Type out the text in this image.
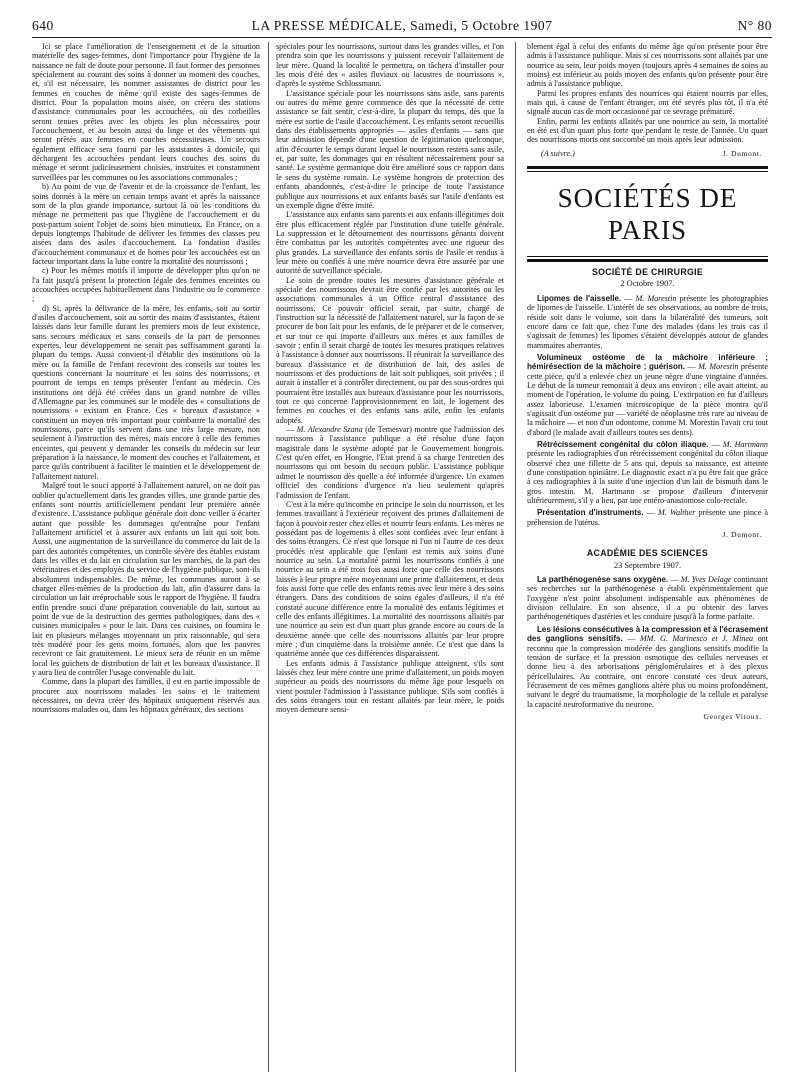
640	LA PRESSE MÉDICALE, Samedi, 5 Octobre 1907	N° 80

Ici se place l'amélioration de l'enseignement et de la situation matérielle des sages-femmes, dont l'importance pour l'hygiène de la naissance ne fait de doute pour personne. Il faut former des personnes spécialement au courant des soins à donner au moment des couches, et, s'il est nécessaire, les nommer assistantes de district pour les femmes en couches de même qu'il existe des sages-femmes de district. Pour la population moins aisée, on créera des stations d'assistance communales pour les accouchées, où des corbeilles seront tenues prêtes avec les objets les plus nécessaires pour l'accouchement, et au besoin aussi du linge et des vêtements qui seront prêtés aux femmes en couches nécessiteuses. Un secours également efficace sera fourni par les assistantes à domicile, qui déchargent les accouchées pendant leurs couches des soins du ménage et seront judicieusement choisies, instruites et constamment surveillées par les communes ou les associations communales ;

b) Au point de vue de l'avenir et de la croissance de l'enfant, les soins donnés à la mère un certain temps avant et après la naissance sont de la plus grande importance, surtout là où les conditions du ménage ne permettent pas que l'hygiène de l'accouchement et du post-partum soient l'objet de soins bien minutieux. En France, on a depuis longtemps l'habitude de délivrer les femmes des classes peu aisées dans des asiles d'accouchement. La fondation d'asiles d'accouchement communaux et de homes pour les accouchées est un facteur important dans la lutte contre la mortalité des nourrissons ;

c) Pour les mêmes motifs il importe de développer plus qu'on ne l'a fait jusqu'à présent la protection légale des femmes enceintes ou accouchées occupées habituellement dans l'industrie ou le commerce ;

d) Si, après la délivrance de la mère, les enfants, soit au sortir d'asiles d'accouchement, soit au sortir des mains d'assistantes, étaient laissés dans leur famille durant les premiers mois de leur existence, sans secours médicaux et sans conseils de la part de personnes expertes, leur développement ne serait pas suffisamment garanti la plupart du temps. Aussi convient-il d'établir des institutions où la mère ou la famille de l'enfant recevront des conseils sur toutes les questions concernant la nourriture et les soins des nourrissons, et pourront de temps en temps présenter l'enfant au médecin. Ces institutions ont déjà été créées dans un grand nombre de villes d'Allemagne par les communes sur le modèle des « consultations de nourrissons » existant en France. Ces « bureaux d'assistance » constituent un moyen très important pour combattre la mortalité des nourrissons, parce qu'ils servent dans une très large mesure, non seulement à l'instruction des mères, mais encore à celle des femmes enceintes, qui peuvent y demander les conseils du médecin sur leur préparation à la naissance, le moment des couches et l'allaitement, et parce qu'ils contribuent à faciliter le maintien et le développement de l'allaitement naturel.

Malgré tout le souci apporté à l'allaitement naturel, on ne doit pas oublier qu'actuellement dans les grandes villes, une grande partie des enfants sont nourris artificiellement pendant leur première année d'existence. L'assistance publique générale doit donc veiller à écarter autant que possible les dommages qu'entraîne pour l'enfant l'allaitement artificiel et à assurer aux enfants un lait qui soit bon. Aussi, une augmentation de la surveillance du commerce du lait de la part des autorités compétentes, un contrôle sévère des étables existant dans les villes et du lait en circulation sur les marchés, de la part des vétérinaires et des employés du service de l'hygiène publique, sont-ils absolument indispensables. De même, les communes auront à se charger elles-mêmes de la production du lait, afin d'assurer dans la circulation un lait irréprochable sous le rapport de l'hygiène. Il faudra enfin prendre souci d'une préparation convenable du lait, surtout au point de vue de la destruction des germes pathologiques, dans des « cuisines municipales » pour le lait. Dans ces cuisines, on fournira le lait en plusieurs mélanges moyennant un prix raisonnable, qui sera très modéré pour les gens moins fortunés, alors que les pauvres recevront ce lait gratuitement. Le mieux sera de réunir en un même local les guichets de distribution de lait et les bureaux d'assistance. Il y aura lieu de contrôler l'usage convenable du lait.

Comme, dans la plupart des familles, il est en partie impossible de procurer aux nourrissons malades les soins et le traitement nécessaires, on devra créer des hôpitaux uniquement réservés aux nourrissons malades ou, dans les hôpitaux généraux, des sections

spéciales pour les nourrissons, surtout dans les grandes villes, et l'on prendra soin que les nourrissons y puissent recevoir l'allaitement de leur mère. Quand la localité le permettra, on tâchera d'installer pour les mois d'été des « asiles fluviaux ou lacustres de nourrissons », d'après le système Schlossmann.

L'assistance spéciale pour les nourrissons sans asile, sans parents ou autres du même genre commence dès que la nécessité de cette assistance se fait sentir, c'est-à-dire, la plupart du temps, dès que la mère est sortie de l'asile d'accouchement. Les enfants seront recueillis dans des établissements appropriés — asiles d'enfants — sans que leur admission dépende d'une question de légitimation quelconque, afin d'écourter le temps durant lequel le nourrisson restera sans asile, et, par suite, les dommages qui en résultent nécessairement pour sa santé. Le système germanique doit être amélioré sous ce rapport dans le sens du système romain. Le système hongrois de protection des enfants abandonnés, c'est-à-dire le principe de toute l'assistance publique aux nourrissons et aux enfants basés sur l'asile d'enfants est un exemple digne d'être imité.

L'assistance aux enfants sans parents et aux enfants illégitimes doit être plus efficacement réglée par l'institution d'une tutelle générale. La suppression et le détournement des nourrissons gênants doivent être combattus par les autorités compétentes avec une rigueur des plus grandes. La surveillance des enfants sortis de l'asile et rendus à leur mère ou confiés à une mère nourrice devra être assurée par une autorité de surveillance spéciale.

Le soin de prendre toutes les mesures d'assistance générale et spéciale des nourrissons devrait être confié par les autorités ou les associations communales à un Office central d'assistance des nourrissons. Ce pouvoir officiel serait, par suite, chargé de l'instruction sur la nécessité de l'allaitement naturel, sur la façon de se procurer de bon lait pour les enfants, de le préparer et de le conserver, et sur tout ce qui importe d'ailleurs aux mères et aux familles de savoir ; enfin il serait chargé de toutes les mesures pratiques relatives à l'assistance à donner aux nourrissons. Il réunirait la surveillance des bureaux d'assistance et de distribution de lait, des asiles de nourrissons et des productions de lait soit publiques, soit privées ; il aurait à installer et à contrôler directement, ou par des sous-ordres qui pourraient être installés aux bureaux d'assistance pour les nourrissons, tout ce qui concerne l'approvisionnement en lait, le logement des femmes en couches et des enfants sans asile, enfin les enfants adoptés.

— M. Alexandre Szana (de Temesvar) montre que l'admission des nourrissons à l'assistance publique a été résolue d'une façon magistrale dans le système adopté par le Gouvernement hongrois. C'est qu'en effet, en Hongrie, l'Etat prend à sa charge l'entretien des nourrissons qui ont besoin du secours public. L'assistance publique admet le nourrisson dès quelle a été informée d'urgence. Un examen officiel des conditions d'urgence n'a lieu seulement qu'après l'admission de l'enfant.

C'est à la mère qu'incombe en principe le soin du nourrisson, et les femmes travaillant à l'extérieur reçoivent des primes d'allaitement de façon à pouvoir rester chez elles et nourrir leurs enfants. Les mères ne possédant pas de logements à elles sont confiées avec leur enfant à des soins étrangers. Ce n'est que lorsque ni l'un ni l'autre de ces deux procédés n'est applicable que l'enfant est remis aux soins d'une nourrice au sein. La mortalité parmi les nourrissons confiés à une nourrice au sein a été trois fois aussi forte que celle des nourrissons laissés à leur propre mère moyennant une prime d'allaitement, et deux fois aussi forte que celle des enfants remis avec leur mère à des soins étrangers. Dans des conditions de soins égales d'ailleurs, il n'a été constaté aucune différence entre la mortalité des enfants légitimes et celle des enfants illégitimes. La mortalité des nourrissons allaités par une nourrice au sein est d'un quart plus grande encore au cours de la deuxième année que celle des nourrissons allaités par leur propre mère ; d'un cinquième dans la troisième année. Ce n'est que dans la quatrième année que ces différences disparaissent.

Les enfants admis à l'assistance publique atteignent, s'ils sont laissés chez leur mère contre une prime d'allaitement, un poids moyen supérieur au poids des nourrissons du même âge pour lesquels on vient postuler l'admission à l'assistance publique. S'ils sont confiés à des soins étrangers tout en restant allaités par leur mère, le poids moyen demeure sensi-

blement égal à celui des enfants du même âge qu'on présente pour être admis à l'assistance publique. Mais si ces nourrissons sont allaités par une nourrice au sein, leur poids moyen (toujours après 4 semaines de soins au moins) est inférieur au poids moyen des enfants qu'on présente pour être admis à l'assistance publique.

Parmi les propres enfants des nourrices qui étaient nourris par elles, mais qui, à cause de l'enfant étranger, ont été sevrés plus tôt, il n'a été signalé aucun cas de mort occasionné par ce sevrage prématuré.

Enfin, parmi les enfants allaités par une nourrice au sein, la mortalité en été est d'un quart plus forte que pendant le reste de l'année. Un quart des nourrissons morts ont succombé un mois après leur admission.

(A suivre.)	J. Dumont.
SOCIÉTÉS DE PARIS
SOCIÉTÉ DE CHIRURGIE
2 Octobre 1907.

Lipomes de l'aisselle. — M. Morestin présente les photographies de lipomes de l'aisselle. L'intérêt de ses observations, au nombre de trois, réside soit dans le volume, soit dans la bilatéralité des tumeurs, soit encore dans ce fait que, chez l'une des malades (dans les trois cas il s'agissait de femmes) les lipomes s'étaient développés autour de glandes mammaires aberrantes.

Volumineux ostéome de la mâchoire inférieure ; hémirésection de la mâchoire ; guérison. — M. Morestin présente cette pièce, qu'il a enlevée chez un jeune nègre d'une vingtaine d'années. Le début de la tumeur remontait à deux ans environ ; elle avait atteint, au moment de l'opération, le volume du poing. L'extirpation en fut d'ailleurs assez laborieuse. L'examen microscopique de la pièce montra qu'il s'agissait d'un ostéome pur — variété de néoplasme très rare au niveau de la mâchoire — et non d'un odontome, comme M. Morestin l'avait cru tout d'abord (le malade avait d'ailleurs toutes ses dents).

Rétrécissement congénital du côlon iliaque. — M. Hartmann présente les radiographies d'un rétrécissement congénital du côlon iliaque observé chez une fillette de 5 ans qui, depuis sa naissance, est atteinte d'une constipation opiniâtre. Le diagnostic exact n'a pu être fait que grâce à ces radiographies à la suite d'une injection d'un lait de bismuth dans le gros intestin. M. Hartmann se propose d'ailleurs d'intervenir ultérieurement, s'il y a lieu, par une entéro-anastomose colo-rectale.

Présentation d'instruments. — M. Walther présente une pince à préhension de l'utérus.

J. Dumont.
ACADÉMIE DES SCIENCES
23 Septembre 1907.

La parthénogenèse sans oxygène. — M. Yves Delage continuant ses recherches sur la parthénogenèse a établi expérimentalement que l'oxygène n'est point absolument indispensable aux phénomènes de division cellulaire. En son absence, il a pu obtenir des larves parthénogenétiques d'astéries et les conduire jusqu'à la forme parfaite.

Les lésions consécutives à la compression et à l'écrasement des ganglions sensitifs. — MM. G. Marinesco et J. Minea ont reconnu que la compression modérée des ganglions sensitifs modifie la tension de surface et la pression osmotique des cellules nerveuses et donne lieu à des arborisations périglomérulaires et à des plexus péricellulaires. Au contraire, ont encore constaté ces deux auteurs, l'écrasement de ces mêmes ganglions altère plus ou moins profondément, suivant le degré du traumatisme, la morphologie de la cellule et paralyse la capacité neuroformative du neurone.

Georges Vitoux.
